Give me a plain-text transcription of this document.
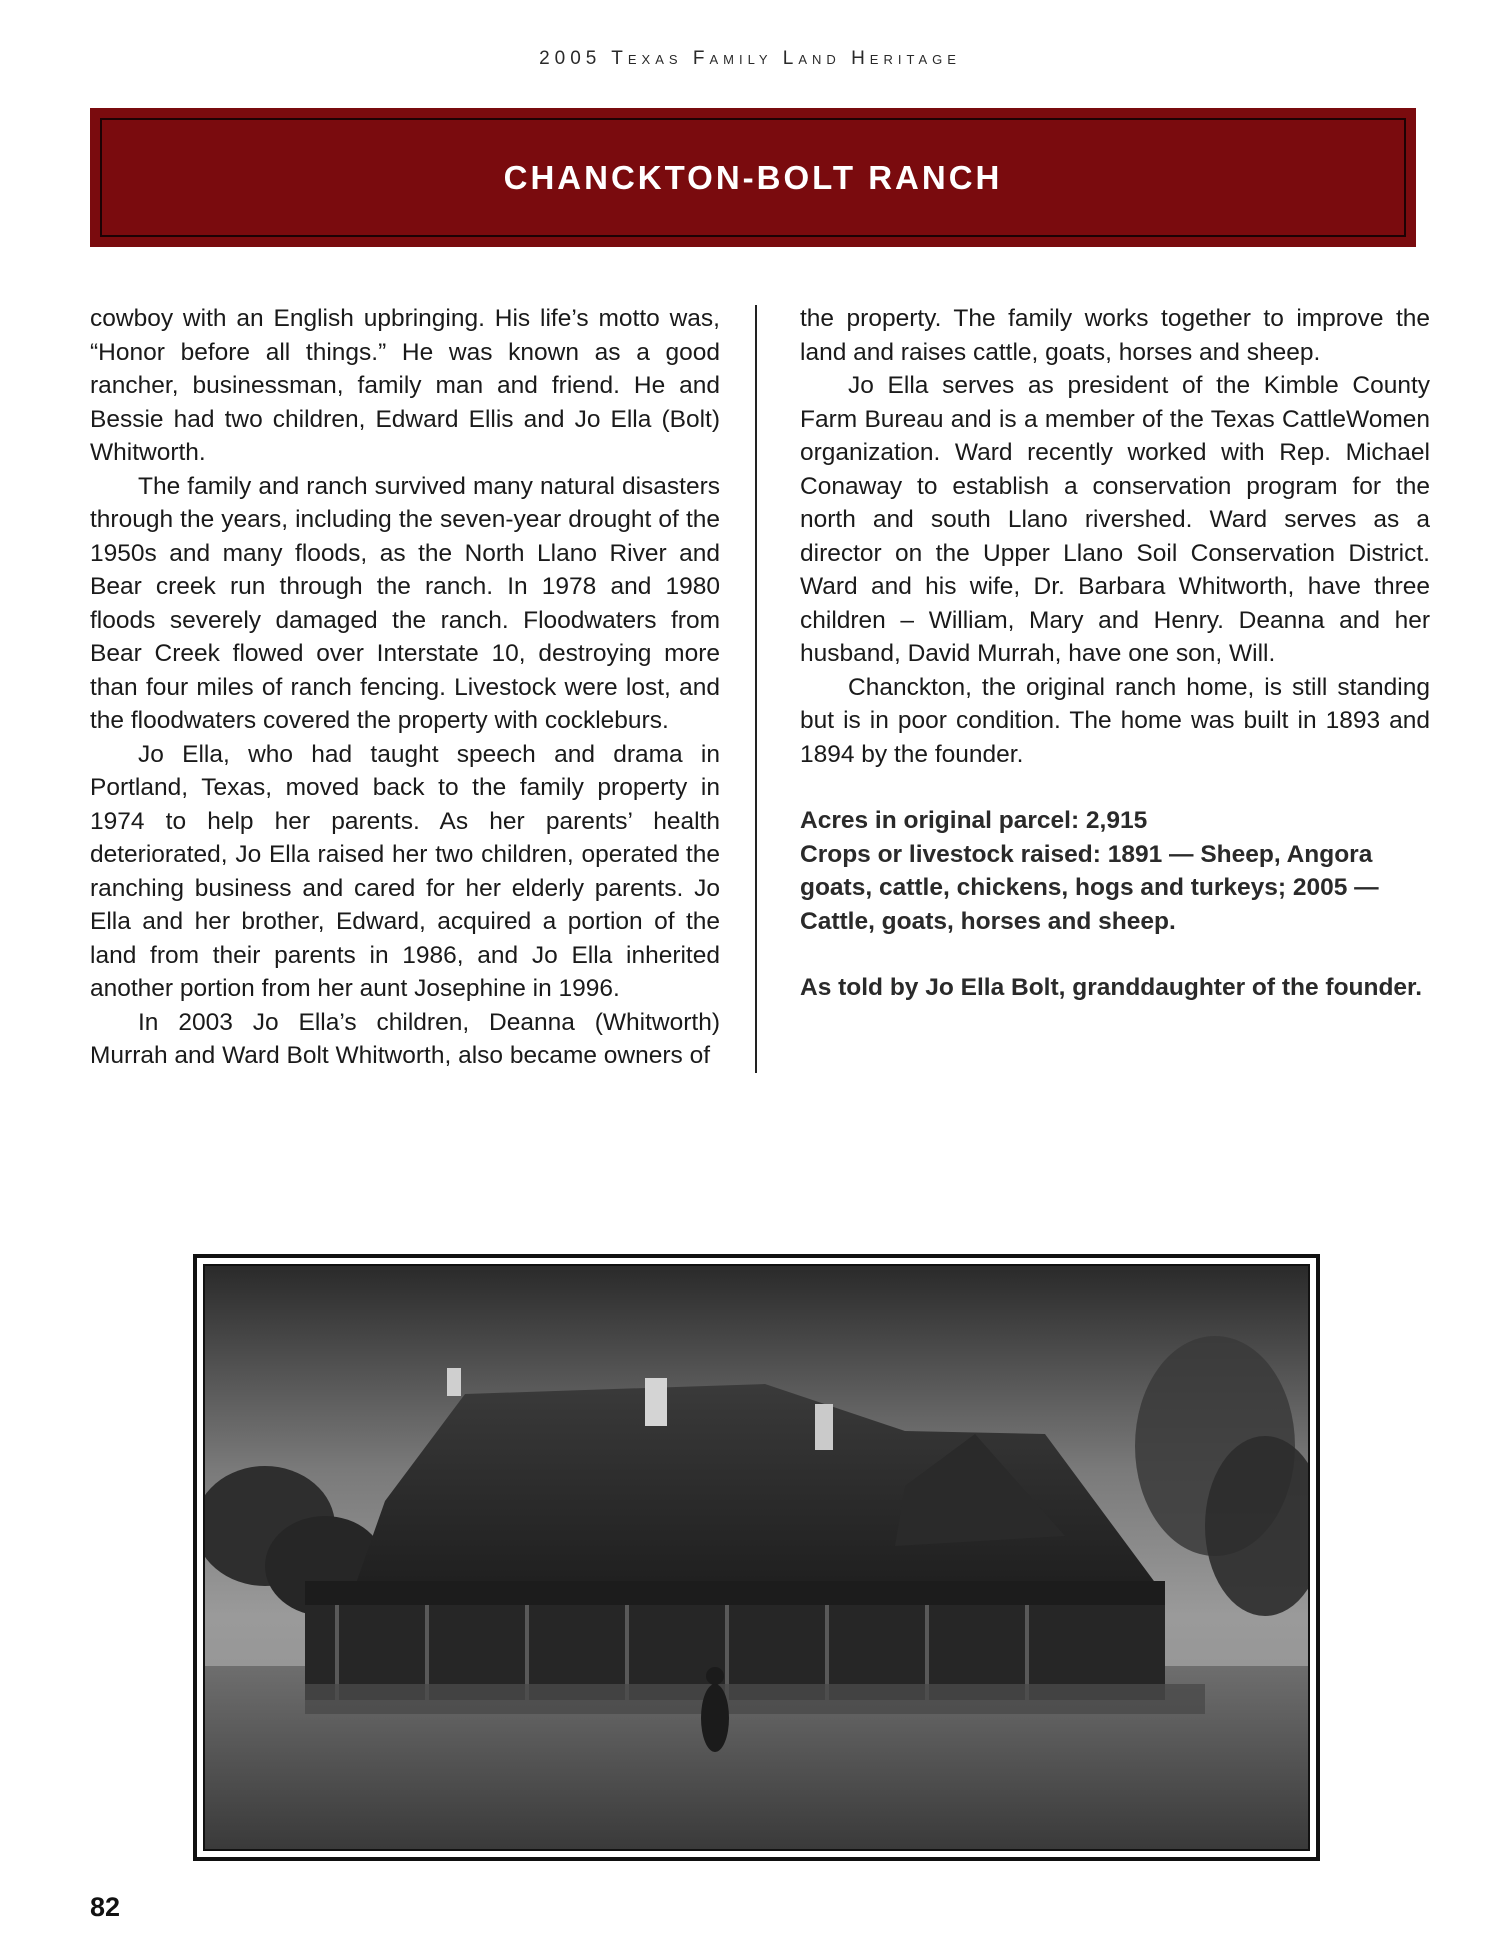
2005 Texas Family Land Heritage
CHANCKTON-BOLT RANCH

cowboy with an English upbringing. His life’s motto was, “Honor before all things.” He was known as a good rancher, businessman, family man and friend. He and Bessie had two children, Edward Ellis and Jo Ella (Bolt) Whitworth.

The family and ranch survived many natural disasters through the years, including the seven-year drought of the 1950s and many floods, as the North Llano River and Bear creek run through the ranch. In 1978 and 1980 floods severely damaged the ranch. Floodwaters from Bear Creek flowed over Interstate 10, destroying more than four miles of ranch fencing. Livestock were lost, and the floodwaters covered the property with cockleburs.

Jo Ella, who had taught speech and drama in Portland, Texas, moved back to the family property in 1974 to help her parents. As her parents’ health deteriorated, Jo Ella raised her two children, operated the ranching business and cared for her elderly parents. Jo Ella and her brother, Edward, acquired a portion of the land from their parents in 1986, and Jo Ella inherited another portion from her aunt Josephine in 1996.

In 2003 Jo Ella’s children, Deanna (Whitworth) Murrah and Ward Bolt Whitworth, also became owners of

the property. The family works together to improve the land and raises cattle, goats, horses and sheep.

Jo Ella serves as president of the Kimble County Farm Bureau and is a member of the Texas CattleWomen organization. Ward recently worked with Rep. Michael Conaway to establish a conservation program for the north and south Llano rivershed. Ward serves as a director on the Upper Llano Soil Conservation District. Ward and his wife, Dr. Barbara Whitworth, have three children – William, Mary and Henry. Deanna and her husband, David Murrah, have one son, Will.

Chanckton, the original ranch home, is still standing but is in poor condition. The home was built in 1893 and 1894 by the founder.

Acres in original parcel: 2,915

Crops or livestock raised: 1891 — Sheep, Angora goats, cattle, chickens, hogs and turkeys; 2005 — Cattle, goats, horses and sheep.

As told by Jo Ella Bolt, granddaughter of the founder.
82
